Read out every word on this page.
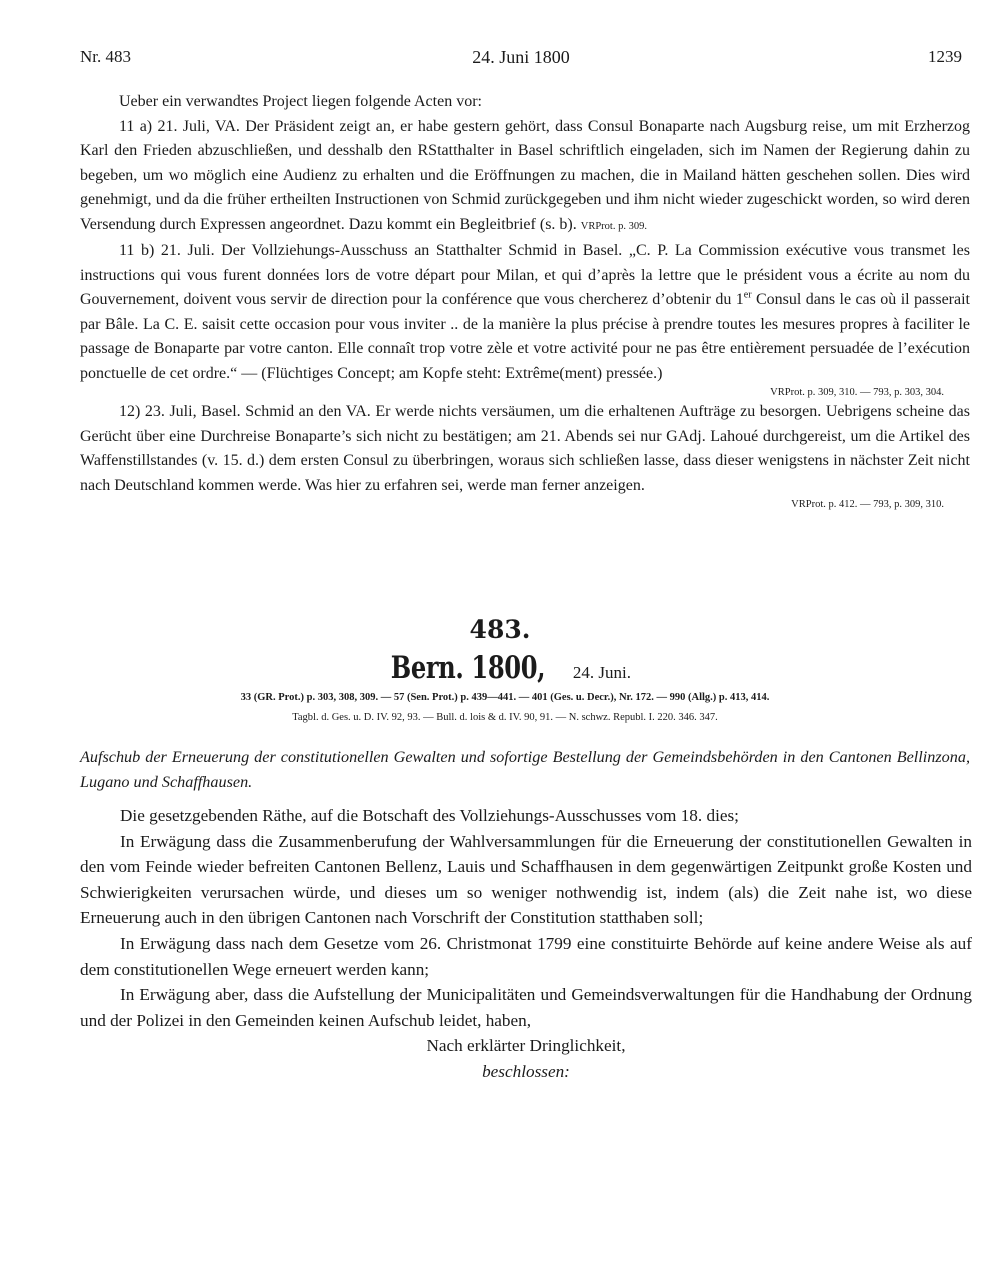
Nr. 483	24. Juni 1800	1239

Ueber ein verwandtes Project liegen folgende Acten vor:

11 a) 21. Juli, VA. Der Präsident zeigt an, er habe gestern gehört, dass Consul Bonaparte nach Augsburg reise, um mit Erzherzog Karl den Frieden abzuschließen, und desshalb den RStatthalter in Basel schriftlich eingeladen, sich im Namen der Regierung dahin zu begeben, um wo möglich eine Audienz zu erhalten und die Eröffnungen zu machen, die in Mailand hätten geschehen sollen. Dies wird genehmigt, und da die früher ertheilten Instructionen von Schmid zurückgegeben und ihm nicht wieder zugeschickt worden, so wird deren Versendung durch Expressen angeordnet. Dazu kommt ein Begleitbrief (s. b). VRProt. p. 309.

11 b) 21. Juli. Der Vollziehungs-Ausschuss an Statthalter Schmid in Basel. „C. P. La Commission exécutive vous transmet les instructions qui vous furent données lors de votre départ pour Milan, et qui d’après la lettre que le président vous a écrite au nom du Gouvernement, doivent vous servir de direction pour la conférence que vous chercherez d’obtenir du 1er Consul dans le cas où il passerait par Bâle. La C. E. saisit cette occasion pour vous inviter .. de la manière la plus précise à prendre toutes les mesures propres à faciliter le passage de Bonaparte par votre canton. Elle connaît trop votre zèle et votre activité pour ne pas être entièrement persuadée de l’exécution ponctuelle de cet ordre.“ — (Flüchtiges Concept; am Kopfe steht: Extrême(ment) pressée.)

VRProt. p. 309, 310. — 793, p. 303, 304.

12) 23. Juli, Basel. Schmid an den VA. Er werde nichts versäumen, um die erhaltenen Aufträge zu besorgen. Uebrigens scheine das Gerücht über eine Durchreise Bonaparte’s sich nicht zu bestätigen; am 21. Abends sei nur GAdj. Lahoué durchgereist, um die Artikel des Waffenstillstandes (v. 15. d.) dem ersten Consul zu überbringen, woraus sich schließen lasse, dass dieser wenigstens in nächster Zeit nicht nach Deutschland kommen werde. Was hier zu erfahren sei, werde man ferner anzeigen.

VRProt. p. 412. — 793, p. 309, 310.

483.
Bern. 1800, 24. Juni.
33 (GR. Prot.) p. 303, 308, 309. — 57 (Sen. Prot.) p. 439—441. — 401 (Ges. u. Decr.), Nr. 172. — 990 (Allg.) p. 413, 414.
Tagbl. d. Ges. u. D. IV. 92, 93. — Bull. d. lois & d. IV. 90, 91. — N. schwz. Republ. I. 220. 346. 347.
Aufschub der Erneuerung der constitutionellen Gewalten und sofortige Bestellung der Gemeindsbehörden in den Cantonen Bellinzona, Lugano und Schaffhausen.

Die gesetzgebenden Räthe, auf die Botschaft des Vollziehungs-Ausschusses vom 18. dies;

In Erwägung dass die Zusammenberufung der Wahlversammlungen für die Erneuerung der constitutionellen Gewalten in den vom Feinde wieder befreiten Cantonen Bellenz, Lauis und Schaffhausen in dem gegenwärtigen Zeitpunkt große Kosten und Schwierigkeiten verursachen würde, und dieses um so weniger nothwendig ist, indem (als) die Zeit nahe ist, wo diese Erneuerung auch in den übrigen Cantonen nach Vorschrift der Constitution statthaben soll;

In Erwägung dass nach dem Gesetze vom 26. Christmonat 1799 eine constituirte Behörde auf keine andere Weise als auf dem constitutionellen Wege erneuert werden kann;

In Erwägung aber, dass die Aufstellung der Municipalitäten und Gemeindsverwaltungen für die Handhabung der Ordnung und der Polizei in den Gemeinden keinen Aufschub leidet, haben,

Nach erklärter Dringlichkeit,

beschlossen:
